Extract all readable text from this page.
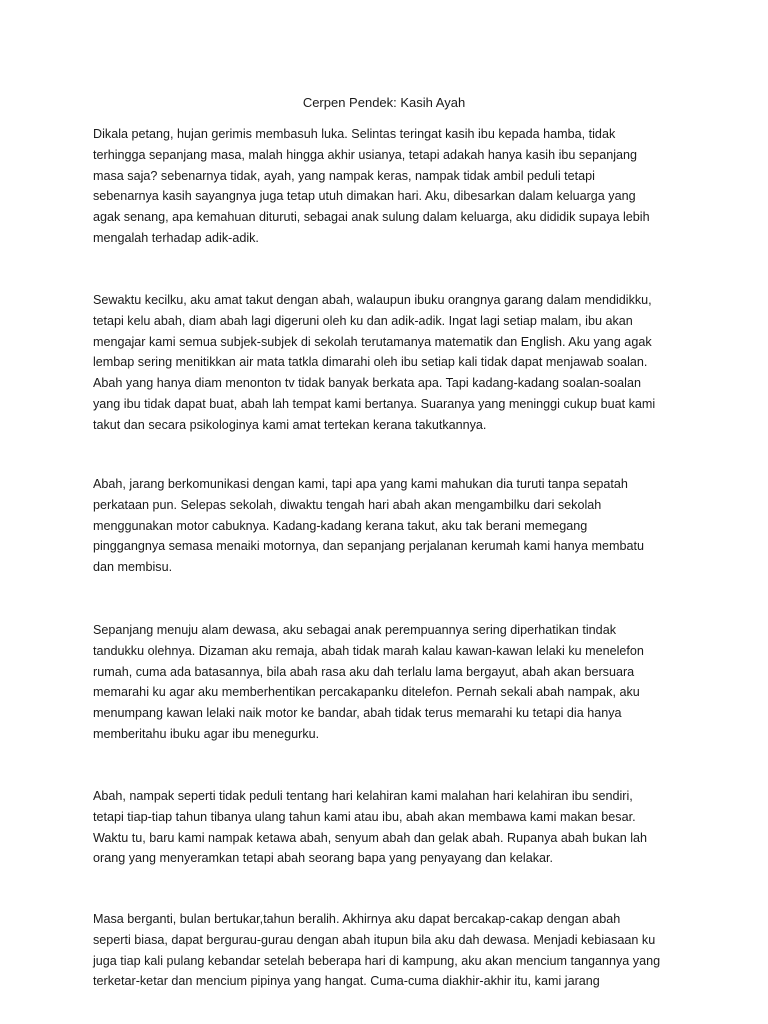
Cerpen Pendek: Kasih Ayah
Dikala petang, hujan gerimis membasuh luka. Selintas teringat kasih ibu kepada hamba, tidak
terhingga sepanjang masa, malah hingga akhir usianya, tetapi adakah hanya kasih ibu sepanjang
masa saja? sebenarnya tidak, ayah, yang nampak keras, nampak tidak ambil peduli tetapi
sebenarnya kasih sayangnya juga tetap utuh dimakan hari. Aku, dibesarkan dalam keluarga yang
agak senang, apa kemahuan dituruti, sebagai anak sulung dalam keluarga, aku dididik supaya lebih
mengalah terhadap adik-adik.
Sewaktu kecilku, aku amat takut dengan abah, walaupun ibuku orangnya garang dalam mendidikku,
tetapi kelu abah, diam abah lagi digeruni oleh ku dan adik-adik. Ingat lagi setiap malam, ibu akan
mengajar kami semua subjek-subjek di sekolah terutamanya matematik dan English. Aku yang agak
lembap sering menitikkan air mata tatkla dimarahi oleh ibu setiap kali tidak dapat menjawab soalan.
Abah yang hanya diam menonton tv tidak banyak berkata apa. Tapi kadang-kadang soalan-soalan
yang ibu tidak dapat buat, abah lah tempat kami bertanya. Suaranya yang meninggi cukup buat kami
takut dan secara psikologinya kami amat tertekan kerana takutkannya.
Abah, jarang berkomunikasi dengan kami, tapi apa yang kami mahukan dia turuti tanpa sepatah
perkataan pun. Selepas sekolah, diwaktu tengah hari abah akan mengambilku dari sekolah
menggunakan motor cabuknya. Kadang-kadang kerana takut, aku tak berani memegang
pinggangnya semasa menaiki motornya, dan sepanjang perjalanan kerumah kami hanya membatu
dan membisu.
Sepanjang menuju alam dewasa, aku sebagai anak perempuannya sering diperhatikan tindak
tandukku olehnya. Dizaman aku remaja, abah tidak marah kalau kawan-kawan lelaki ku menelefon
rumah, cuma ada batasannya, bila abah rasa aku dah terlalu lama bergayut, abah akan bersuara
memarahi ku agar aku memberhentikan percakapanku ditelefon. Pernah sekali abah nampak, aku
menumpang kawan lelaki naik motor ke bandar, abah tidak terus memarahi ku tetapi dia hanya
memberitahu ibuku agar ibu menegurku.
Abah, nampak seperti tidak peduli tentang hari kelahiran kami malahan hari kelahiran ibu sendiri,
tetapi tiap-tiap tahun tibanya ulang tahun kami atau ibu, abah akan membawa kami makan besar.
Waktu tu, baru kami nampak ketawa abah, senyum abah dan gelak abah. Rupanya abah bukan lah
orang yang menyeramkan tetapi abah seorang bapa yang penyayang dan kelakar.
Masa berganti, bulan bertukar,tahun beralih. Akhirnya aku dapat bercakap-cakap dengan abah
seperti biasa, dapat bergurau-gurau dengan abah itupun bila aku dah dewasa. Menjadi kebiasaan ku
juga tiap kali pulang kebandar setelah beberapa hari di kampung, aku akan mencium tangannya yang
terketar-ketar dan mencium pipinya yang hangat. Cuma-cuma diakhir-akhir itu, kami jarang
